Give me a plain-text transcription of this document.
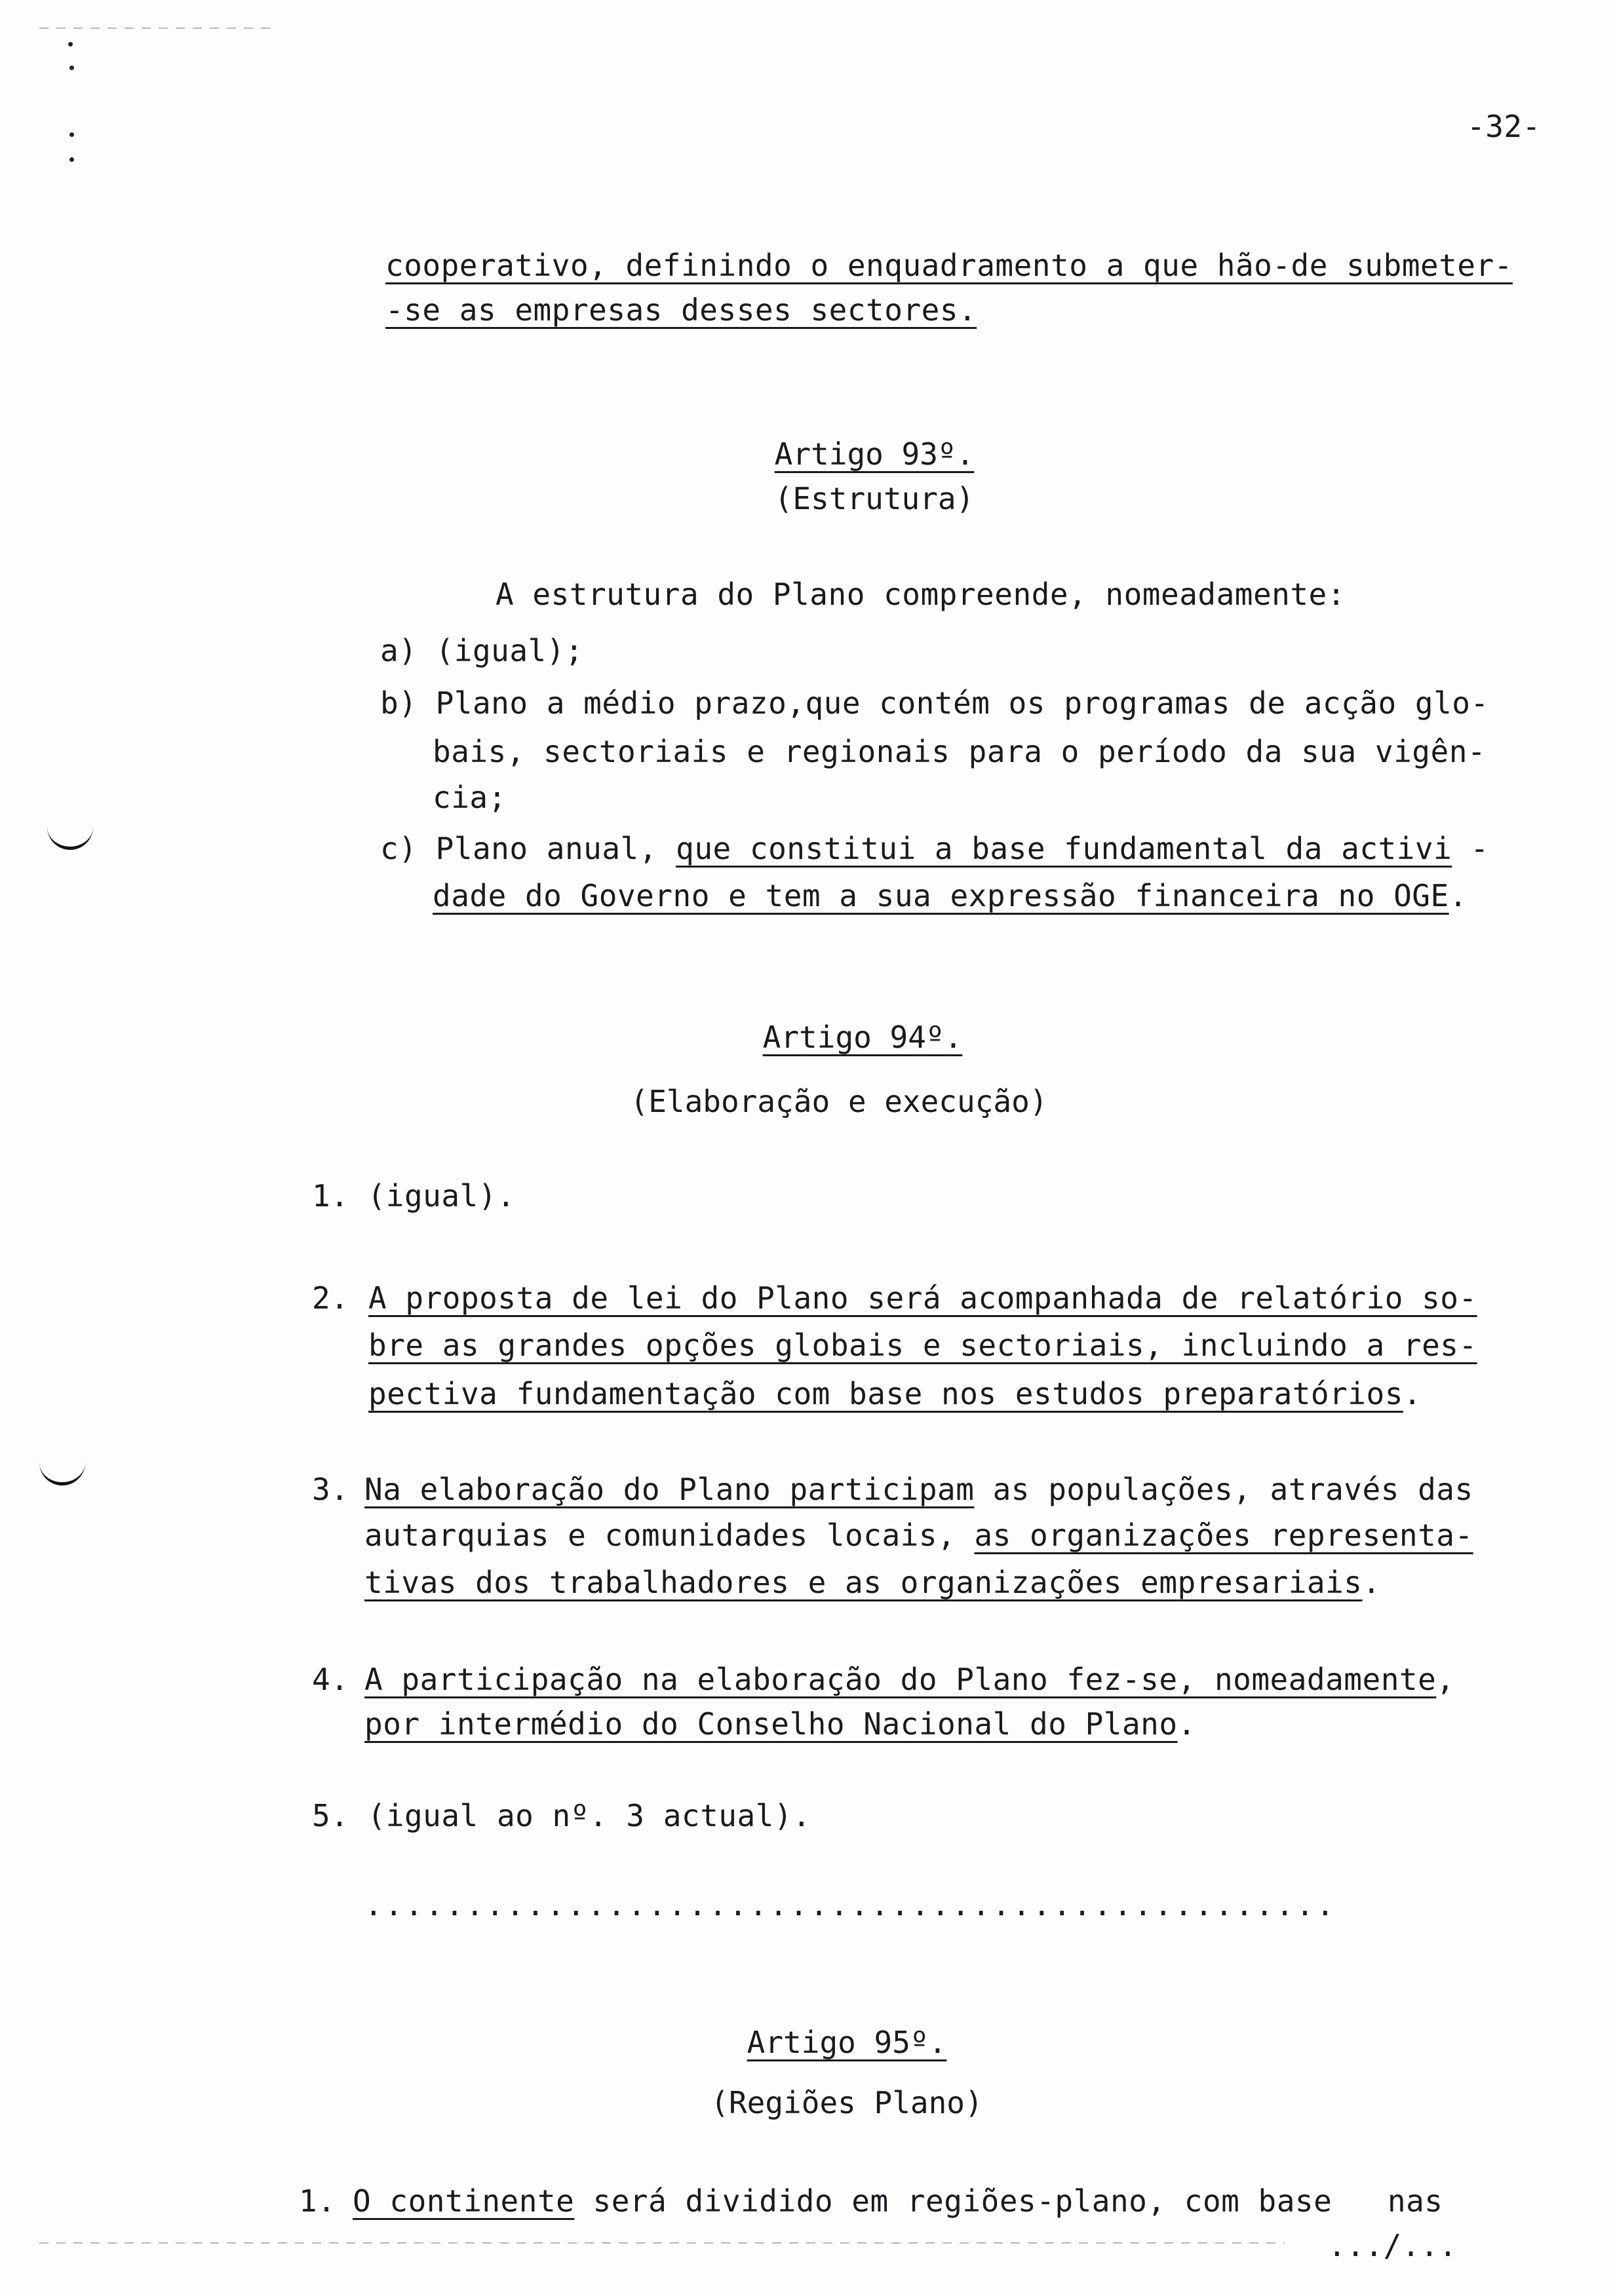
-32-
cooperativo, definindo o enquadramento a que hão-de submeter-
-se as empresas desses sectores.
Artigo 93º.
(Estrutura)
A estrutura do Plano compreende, nomeadamente:
a) (igual);
b) Plano a médio prazo,que contém os programas de acção glo-
bais, sectoriais e regionais para o período da sua vigên-
cia;
c) Plano anual, que constitui a base fundamental da activi -
dade do Governo e tem a sua expressão financeira no OGE.
Artigo 94º.
(Elaboração e execução)
1. (igual).
2. A proposta de lei do Plano será acompanhada de relatório so-
bre as grandes opções globais e sectoriais, incluindo a res-
pectiva fundamentação com base nos estudos preparatórios.
3. Na elaboração do Plano participam as populações, através das
autarquias e comunidades locais, as organizações representa-
tivas dos trabalhadores e as organizações empresariais.
4. A participação na elaboração do Plano fez-se, nomeadamente,
por intermédio do Conselho Nacional do Plano.
5. (igual ao nº. 3 actual).
................................................
Artigo 95º.
(Regiões Plano)
1. O continente será dividido em regiões-plano, com base   nas
.../...
